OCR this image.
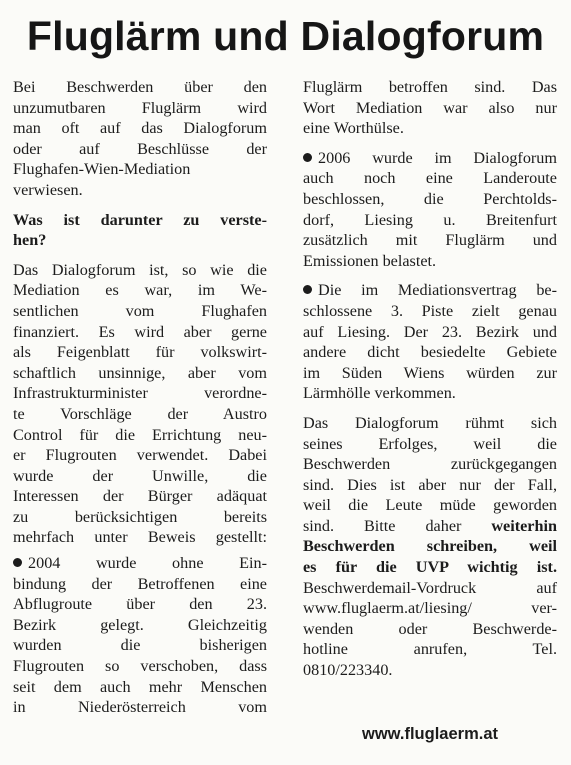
Fluglärm und Dialogforum
Bei Beschwerden über den
unzumutbaren Fluglärm wird
man oft auf das Dialogforum
oder auf Beschlüsse der
Flughafen-Wien-Mediation
verwiesen.
Was ist darunter zu verste-
hen?
Das Dialogforum ist, so wie die
Mediation es war, im We-
sentlichen vom Flughafen
finanziert. Es wird aber gerne
als Feigenblatt für volkswirt-
schaftlich unsinnige, aber vom
Infrastrukturminister verordne-
te Vorschläge der Austro
Control für die Errichtung neu-
er Flugrouten verwendet. Dabei
wurde der Unwille, die
Interessen der Bürger adäquat
zu berücksichtigen bereits
mehrfach unter Beweis gestellt:
2004 wurde ohne Ein-
bindung der Betroffenen eine
Abflugroute über den 23.
Bezirk gelegt. Gleichzeitig
wurden die bisherigen
Flugrouten so verschoben, dass
seit dem auch mehr Menschen
in Niederösterreich vom
Fluglärm betroffen sind. Das
Wort Mediation war also nur
eine Worthülse.
2006 wurde im Dialogforum
auch noch eine Landeroute
beschlossen, die Perchtolds-
dorf, Liesing u. Breitenfurt
zusätzlich mit Fluglärm und
Emissionen belastet.
Die im Mediationsvertrag be-
schlossene 3. Piste zielt genau
auf Liesing. Der 23. Bezirk und
andere dicht besiedelte Gebiete
im Süden Wiens würden zur
Lärmhölle verkommen.
Das Dialogforum rühmt sich
seines Erfolges, weil die
Beschwerden zurückgegangen
sind. Dies ist aber nur der Fall,
weil die Leute müde geworden
sind. Bitte daher weiterhin
Beschwerden schreiben, weil
es für die UVP wichtig ist.
Beschwerdemail-Vordruck auf
www.fluglaerm.at/liesing/ ver-
wenden oder Beschwerde-
hotline anrufen, Tel.
0810/223340.
www.fluglaerm.at
